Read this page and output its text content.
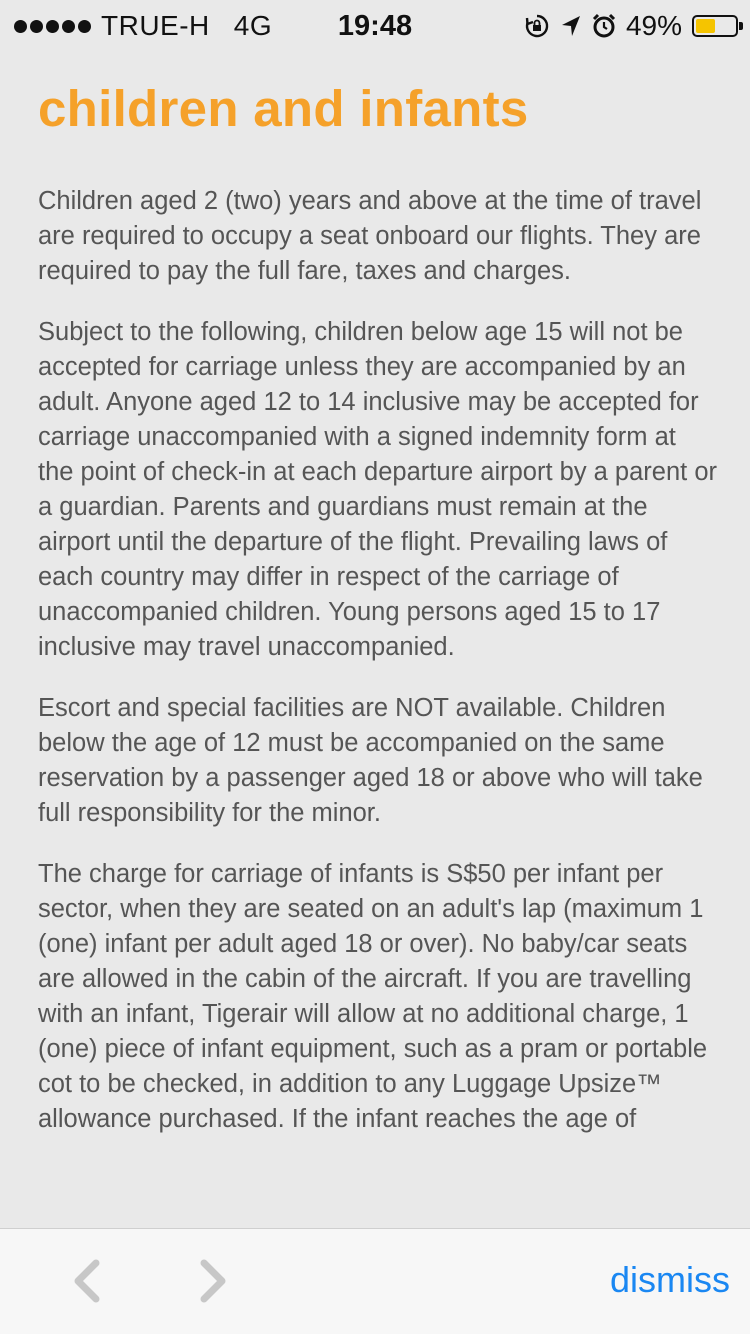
TRUE-H 4G	19:48	49%
children and infants

Children aged 2 (two) years and above at the time of travel are required to occupy a seat onboard our flights. They are required to pay the full fare, taxes and charges.

Subject to the following, children below age 15 will not be accepted for carriage unless they are accompanied by an adult. Anyone aged 12 to 14 inclusive may be accepted for carriage unaccompanied with a signed indemnity form at the point of check-in at each departure airport by a parent or a guardian. Parents and guardians must remain at the airport until the departure of the flight. Prevailing laws of each country may differ in respect of the carriage of unaccompanied children. Young persons aged 15 to 17 inclusive may travel unaccompanied.

Escort and special facilities are NOT available. Children below the age of 12 must be accompanied on the same reservation by a passenger aged 18 or above who will take full responsibility for the minor.

The charge for carriage of infants is S$50 per infant per sector, when they are seated on an adult's lap (maximum 1 (one) infant per adult aged 18 or over). No baby/car seats are allowed in the cabin of the aircraft. If you are travelling with an infant, Tigerair will allow at no additional charge, 1 (one) piece of infant equipment, such as a pram or portable cot to be checked, in addition to any Luggage Upsize™ allowance purchased. If the infant reaches the age of

dismiss
